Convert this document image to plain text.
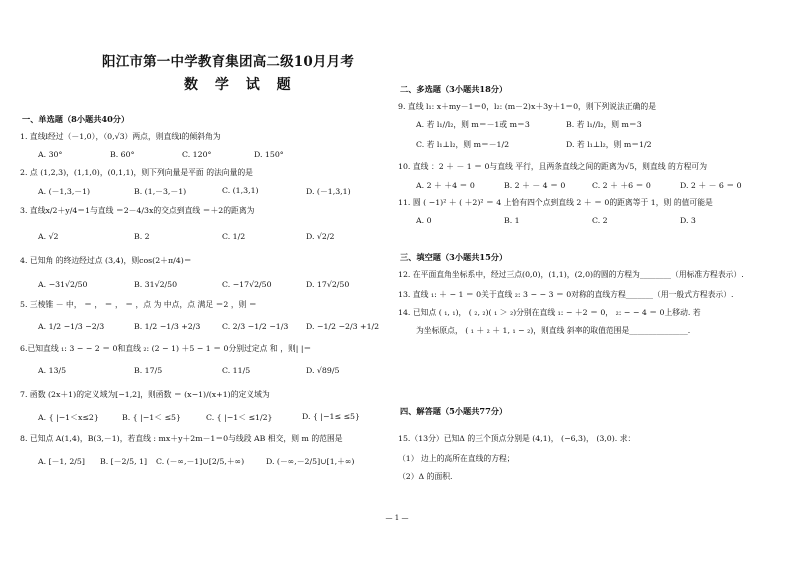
阳江市第一中学教育集团高二级10月月考
数 学 试 题
一、单选题（8小题共40分）
1. 直线l经过（－1,0），（0,√3）两点，则直线l的倾斜角为
A. 30°	B. 60°	C. 120°	D. 150°
2. 点 (1,2,3)，(1,1,0)，(0,1,1)，则下列向量是平面 的法向量的是
A. (－1,3,－1)	B. (1,－3,－1)	C. (1,3,1)	D. (－1,3,1)
3. 直线x/2＋y/4＝1与直线 ＝2－4/3x的交点到直线 ＝＋2的距离为
A. √2	B. 2	C. 1/2	D. √2/2
4. 已知角 的终边经过点 (3,4)，则cos(2＋π/4)＝
A. −31√2/50	B. 31√2/50	C. −17√2/50	D. 17√2/50
5. 三棱锥 － 中， ＝ ， ＝ ， ＝ ，点 为 中点，点 满足 ＝2 ，则 ＝
A. 1/2 −1/3 −2/3	B. 1/2 −1/3 +2/3	C. 2/3 −1/2 −1/3	D. −1/2 −2/3 +1/2
6.已知直线 ₁: 3 − − 2 ＝ 0和直线 ₂: (2 − 1) ＋5 − 1 ＝ 0分别过定点 和 ，则| |＝
A. 13/5	B. 17/5	C. 11/5	D. √89/5
7. 函数 (2x＋1)的定义域为[−1,2]，则函数 ＝ (x−1)/(x+1)的定义域为
A. { |−1＜x≤2}	B. { |−1＜ ≤5}	C. { |−1＜ ≤1/2}	D. { |−1≤ ≤5}
8. 已知点 A(1,4)，B(3,－1)，若直线 : mx＋y＋2m－1＝0与线段 AB 相交，则 m 的范围是
A. [－1, 2/5]	B. [－2/5, 1]	C. (－∞,－1]∪[2/5,＋∞)	D. (－∞,－2/5]∪[1,＋∞)
二、多选题（3小题共18分）
9. 直线 l₁: x＋my－1＝0，l₂: (m－2)x＋3y＋1＝0，则下列说法正确的是
A. 若 l₁//l₂，则 m＝－1或 m＝3	B. 若 l₁//l₂，则 m＝3
C. 若 l₁⊥l₂，则 m＝－1/2	D. 若 l₁⊥l₂，则 m＝1/2
10. 直线 ：2 ＋ － 1 ＝ 0与直线 平行，且两条直线之间的距离为√5，则直线 的方程可为
A. 2 ＋ ＋4 ＝ 0	B. 2 ＋ － 4 ＝ 0	C. 2 ＋ ＋6 ＝ 0	D. 2 ＋ － 6 ＝ 0
11. 圆 ( −1)² ＋ ( ＋2)² ＝ 4 上恰有四个点到直线 2 ＋ ＝ 0的距离等于 1，则 的值可能是
A. 0	B. 1	C. 2	D. 3
三、填空题（3小题共15分）
12. 在平面直角坐标系中，经过三点(0,0)，(1,1)，(2,0)的圆的方程为________（用标准方程表示）.
13. 直线 ₁: ＋ − 1 ＝ 0关于直线 ₂: 3 − − 3 ＝ 0对称的直线方程_______（用一般式方程表示）.
14. 已知点 ( ₁, ₁)， ( ₂, ₂)( ₁ ＞ ₂)分别在直线 ₁: − ＋2 ＝ 0， ₂: − − 4 ＝ 0上移动. 若
为坐标原点， ( ₁ ＋ ₂ ＋ 1, ₁ − ₂)，则直线 斜率的取值范围是_______________.
四、解答题（5小题共77分）
15.（13分）已知Δ 的三个顶点分别是 (4,1)， (−6,3)， (3,0). 求：
（1） 边上的高所在直线的方程；
（2）Δ 的面积.
— 1 —
